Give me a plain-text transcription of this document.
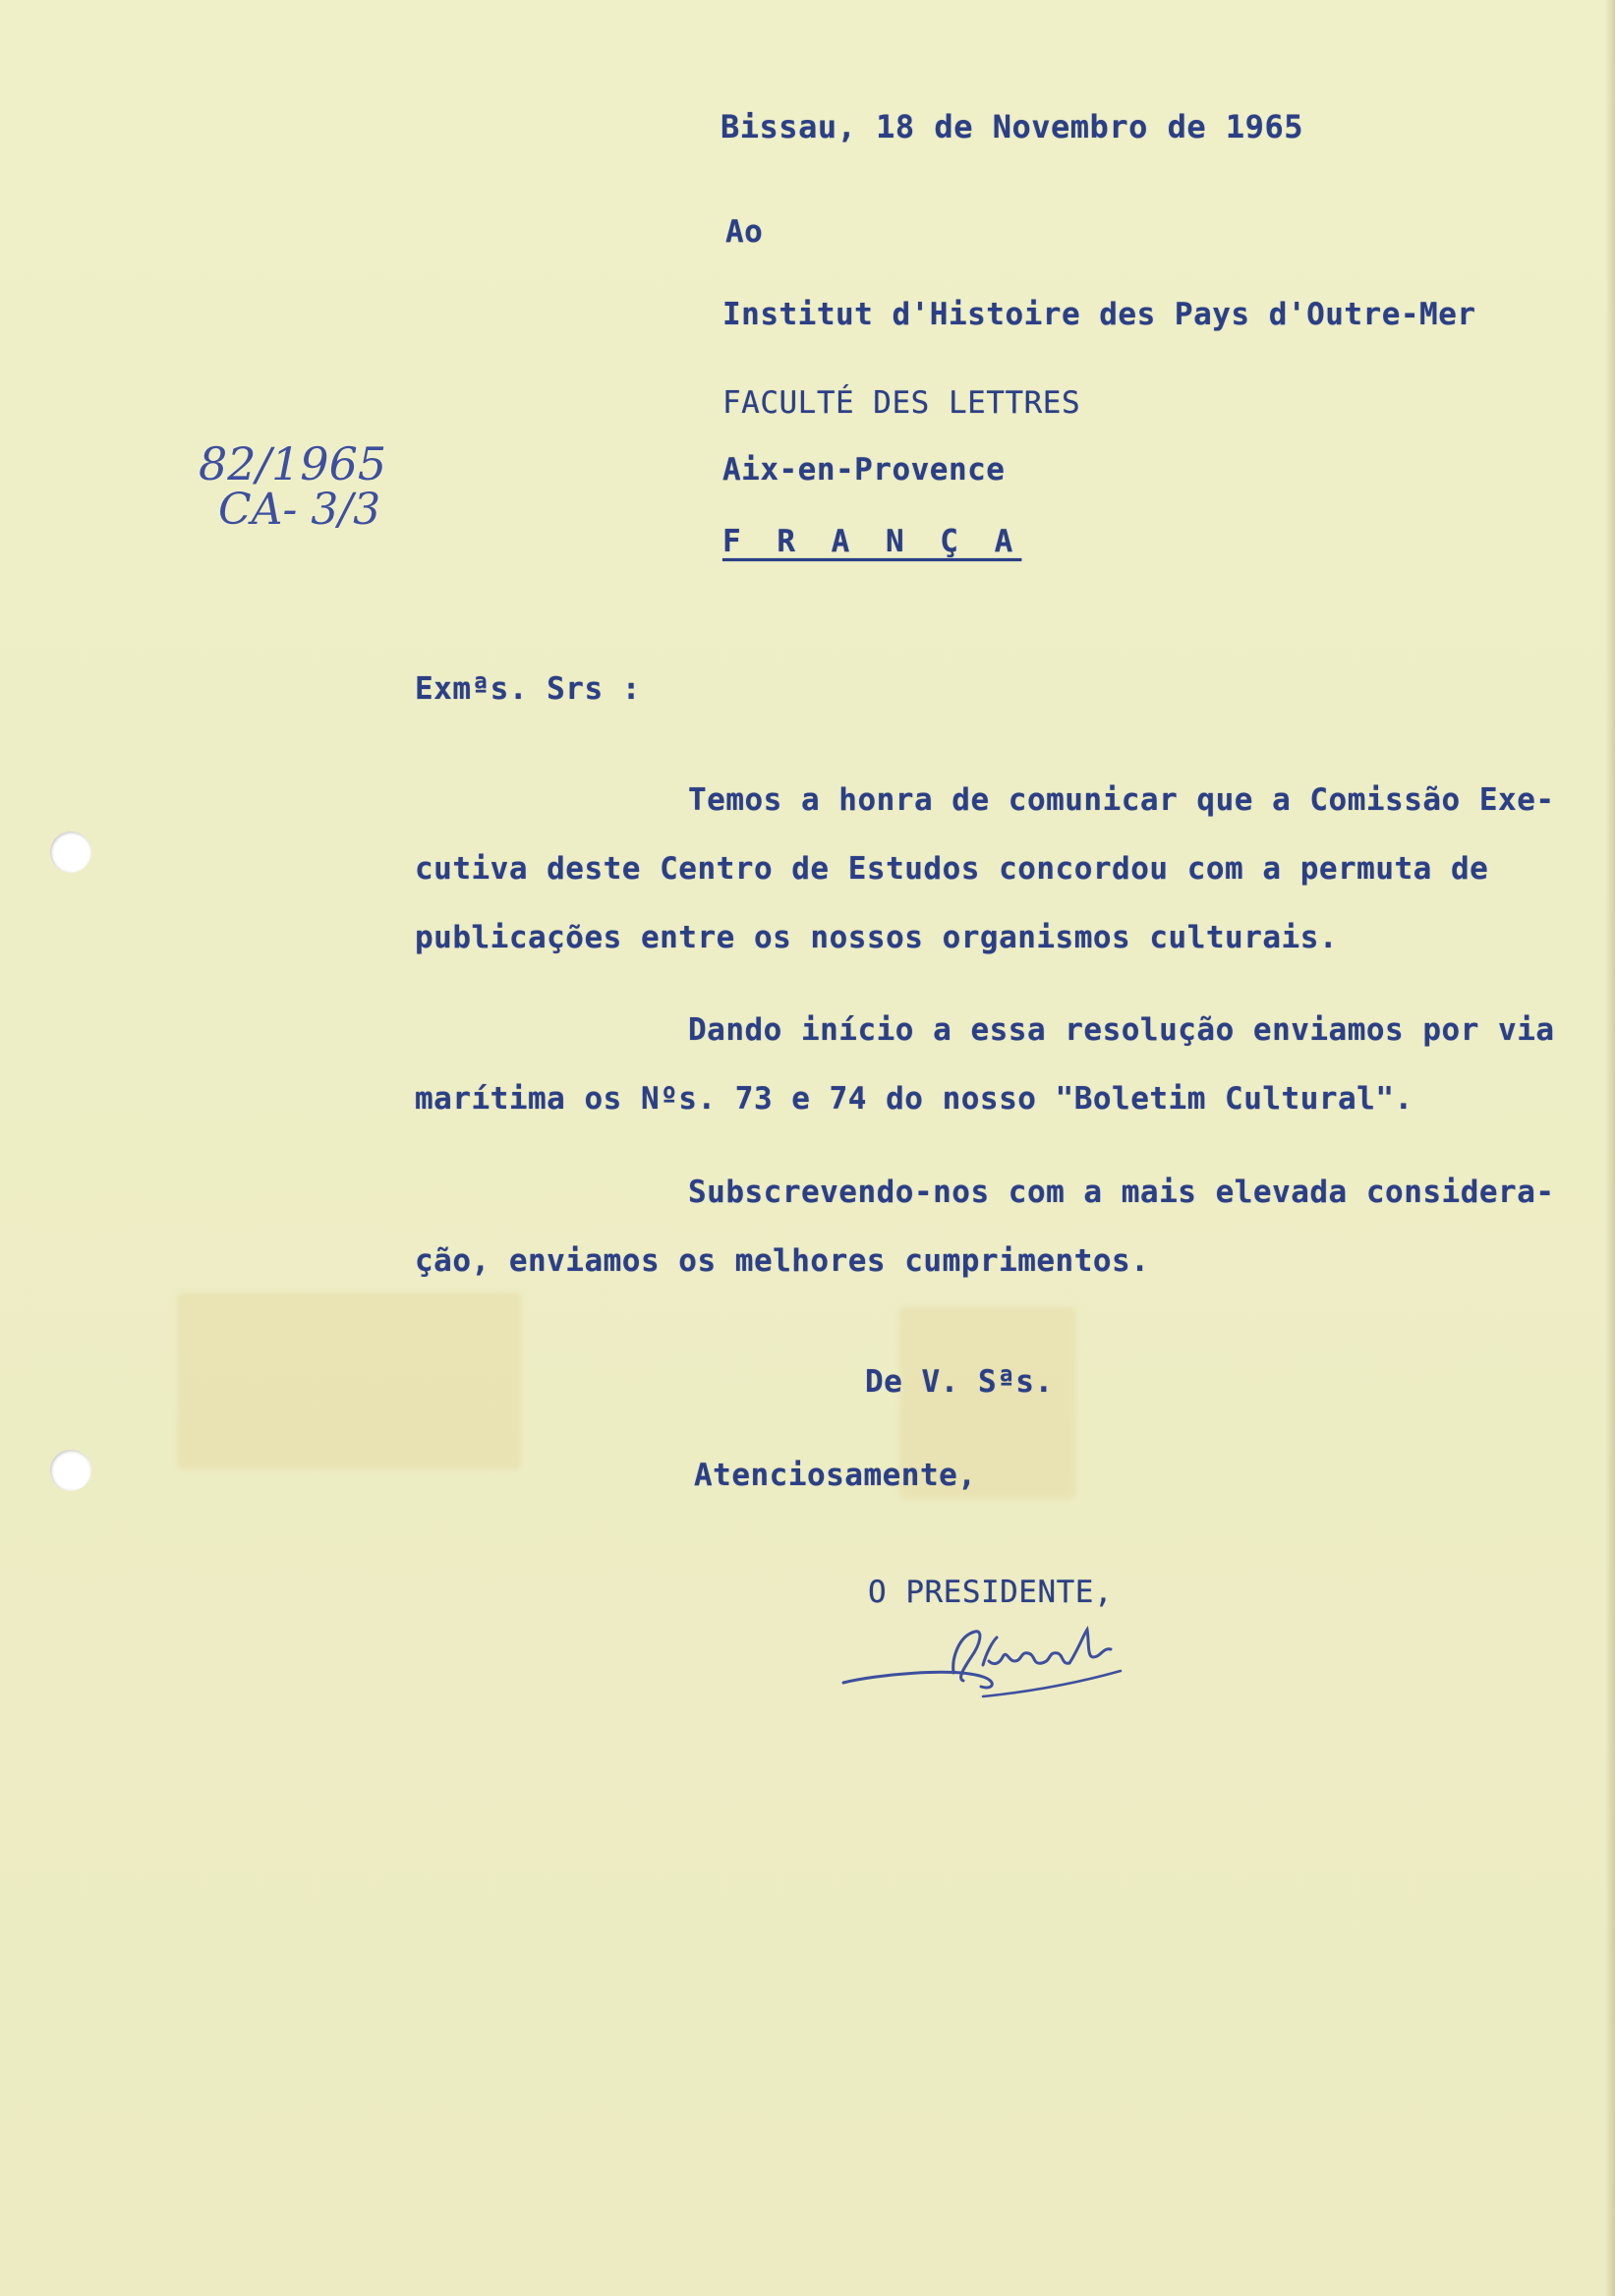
Bissau, 18 de Novembro de 1965
Ao
Institut d'Histoire des Pays d'Outre-Mer
FACULTÉ DES LETTRES
Aix-en-Provence
F R A N Ç A
82/1965
CA- 3/3
Exmªs. Srs :
Temos a honra de comunicar que a Comissão Exe-
cutiva deste Centro de Estudos concordou com a permuta de
publicações entre os nossos organismos culturais.
Dando início a essa resolução enviamos por via
marítima os Nºs. 73 e 74 do nosso "Boletim Cultural".
Subscrevendo-nos com a mais elevada considera-
ção, enviamos os melhores cumprimentos.
De V. Sªs.
Atenciosamente,
O PRESIDENTE,
